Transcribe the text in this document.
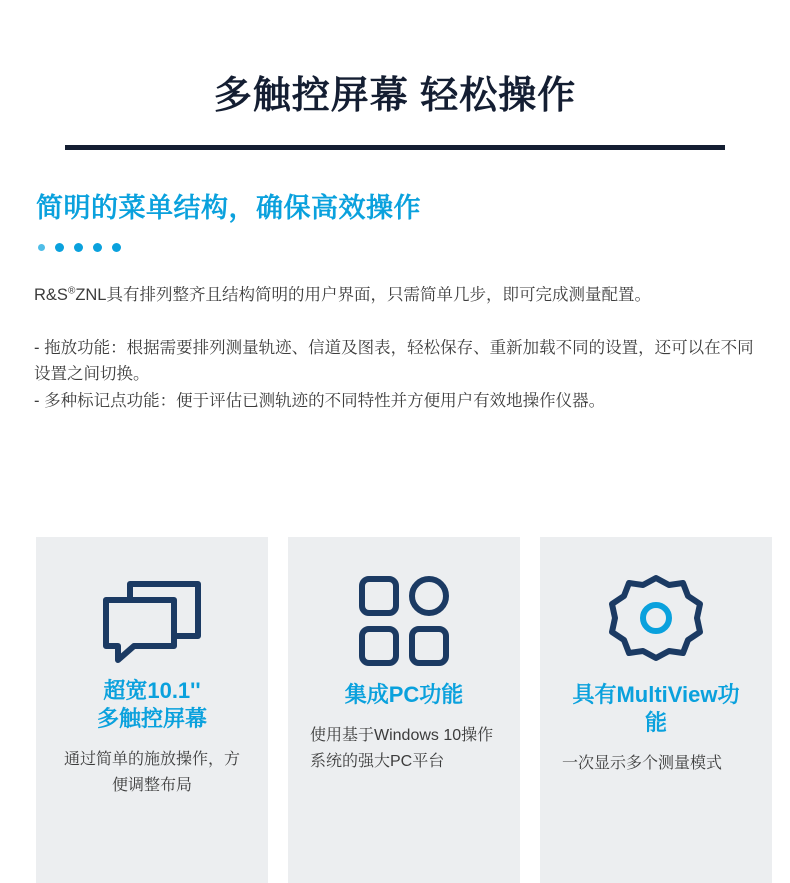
多触控屏幕 轻松操作
简明的菜单结构，确保高效操作

R&S®ZNL具有排列整齐且结构简明的用户界面，只需简单几步，即可完成测量配置。

- 拖放功能：根据需要排列测量轨迹、信道及图表，轻松保存、重新加载不同的设置，还可以在不同设置之间切换。
- 多种标记点功能：便于评估已测轨迹的不同特性并方便用户有效地操作仪器。
超宽10.1''
多触控屏幕
通过简单的施放操作，方便调整布局
集成PC功能
使用基于Windows 10操作系统的强大PC平台
具有MultiView功能
一次显示多个测量模式
